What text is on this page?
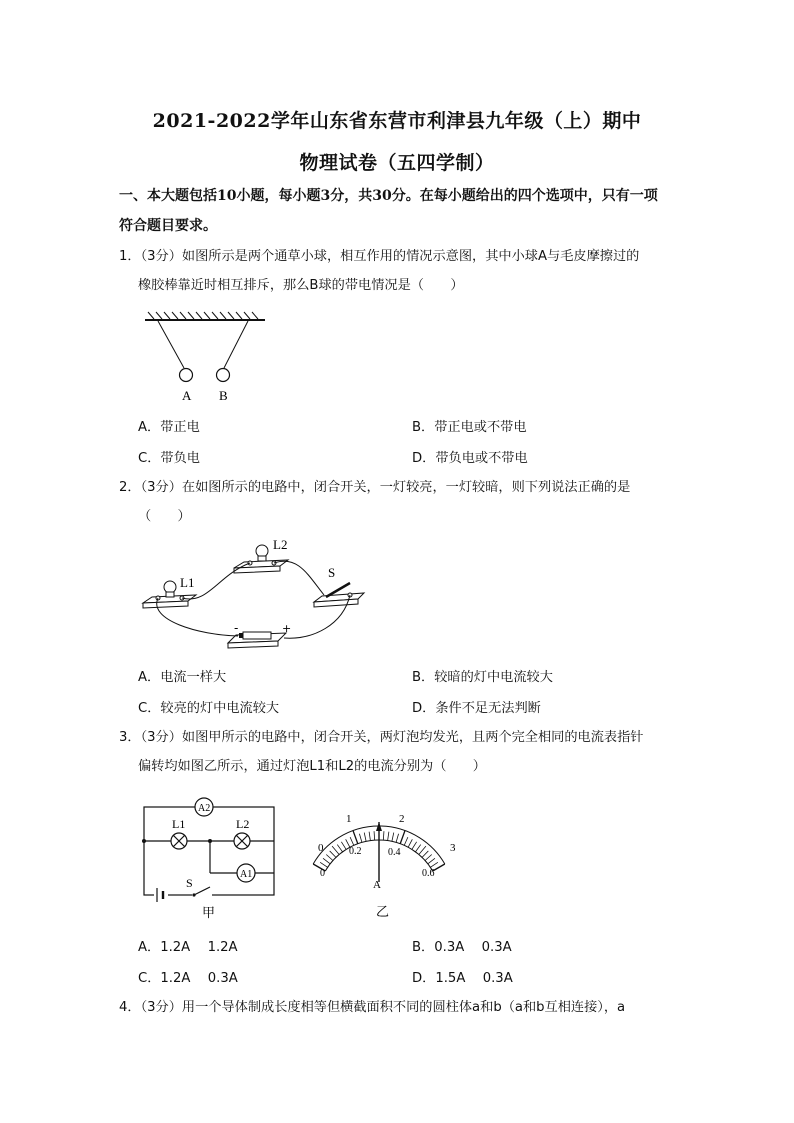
2021-2022学年山东省东营市利津县九年级（上）期中
物理试卷（五四学制）
一、本大题包括10小题，每小题3分，共30分。在每小题给出的四个选项中，只有一项
符合题目要求。
1．（3分）如图所示是两个通草小球，相互作用的情况示意图，其中小球A与毛皮摩擦过的
橡胶棒靠近时相互排斥，那么B球的带电情况是（　　）
A B
A．带正电	B．带正电或不带电
C．带负电	D．带负电或不带电
2．（3分）在如图所示的电路中，闭合开关，一灯较亮，一灯较暗，则下列说法正确的是
（　　）
L1
L2
S
-	+
A．电流一样大	B．较暗的灯中电流较大
C．较亮的灯中电流较大	D．条件不足无法判断
3．（3分）如图甲所示的电路中，闭合开关，两灯泡均发光，且两个完全相同的电流表指针
偏转均如图乙所示，通过灯泡L1和L2的电流分别为（　　）
A2
L1	L2
A1
S
甲
0
1	2
3
0
0.2	0.4
0.6
A
乙
A．1.2A　 1.2A	B．0.3A　 0.3A
C．1.2A　 0.3A	D．1.5A　 0.3A
4．（3分）用一个导体制成长度相等但横截面积不同的圆柱体a和b（a和b互相连接），a
